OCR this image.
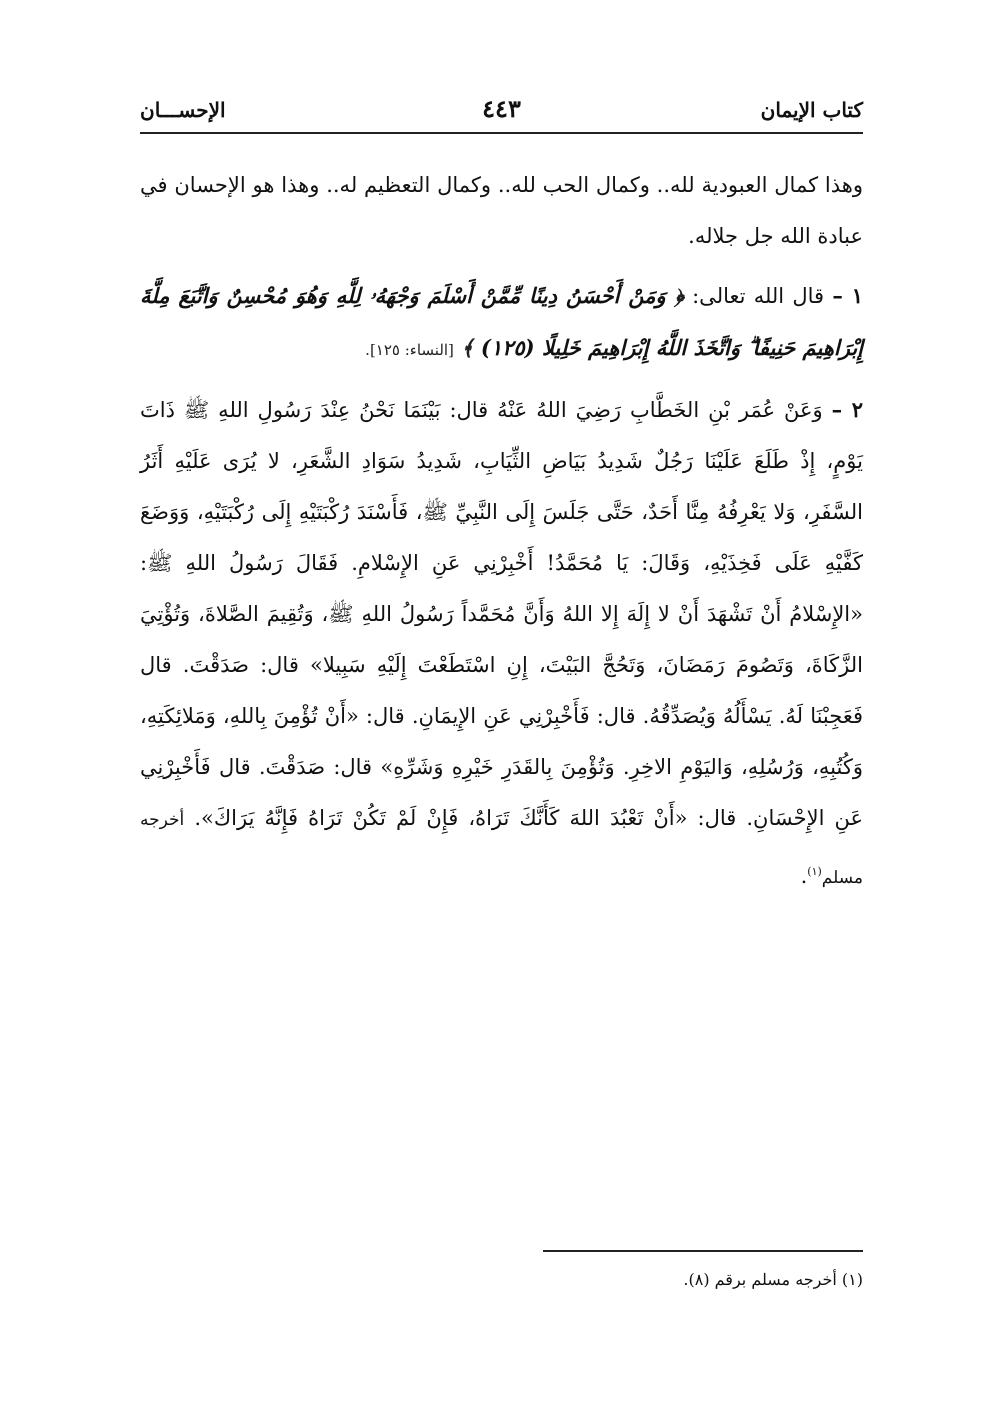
كتاب الإيمان
٤٤٣
الإحســـان

وهذا كمال العبودية لله.. وكمال الحب لله.. وكمال التعظيم له.. وهذا هو الإحسان في عبادة الله جل جلاله.

١ – قال الله تعالى: ﴿ وَمَنْ أَحْسَنُ دِينًا مِّمَّنْ أَسْلَمَ وَجْهَهُۥ لِلَّهِ وَهُوَ مُحْسِنٌ وَاتَّبَعَ مِلَّةَ إِبْرَاهِيمَ حَنِيفًا ۗ وَاتَّخَذَ اللَّهُ إِبْرَاهِيمَ خَلِيلًا (١٢٥) ﴾ [النساء: ١٢٥].

٢ – وَعَنْ عُمَر بْنِ الخَطَّابِ رَضِيَ اللهُ عَنْهُ قال: بَيْنَمَا نَحْنُ عِنْدَ رَسُولِ اللهِ ﷺ ذَاتَ يَوْمٍ، إِذْ طَلَعَ عَلَيْنَا رَجُلٌ شَدِيدُ بَيَاضِ الثِّيَابِ، شَدِيدُ سَوَادِ الشَّعَرِ، لا يُرَى عَلَيْهِ أَثَرُ السَّفَرِ، وَلا يَعْرِفُهُ مِنَّا أَحَدٌ، حَتَّى جَلَسَ إِلَى النَّبِيِّ ﷺ، فَأَسْنَدَ رُكْبَتَيْهِ إِلَى رُكْبَتَيْهِ، وَوَضَعَ كَفَّيْهِ عَلَى فَخِذَيْهِ، وَقَالَ: يَا مُحَمَّدُ! أَخْبِرْنِي عَنِ الإِسْلامِ. فَقَالَ رَسُولُ اللهِ ﷺ: «الإِسْلامُ أَنْ تَشْهَدَ أَنْ لا إِلَهَ إِلا اللهُ وَأَنَّ مُحَمَّداً رَسُولُ اللهِ ﷺ، وَتُقِيمَ الصَّلاةَ، وَتُؤْتِيَ الزَّكَاةَ، وَتَصُومَ رَمَضَانَ، وَتَحُجَّ البَيْتَ، إِنِ اسْتَطَعْتَ إِلَيْهِ سَبِيلا» قال: صَدَقْتَ. قال فَعَجِبْنَا لَهُ. يَسْأَلُهُ وَيُصَدِّقُهُ. قال: فَأَخْبِرْنِي عَنِ الإِيمَانِ. قال: «أَنْ تُؤْمِنَ بِاللهِ، وَمَلائِكَتِهِ، وَكُتُبِهِ، وَرُسُلِهِ، وَاليَوْمِ الاخِرِ. وَتُؤْمِنَ بِالقَدَرِ خَيْرِهِ وَشَرِّهِ» قال: صَدَقْتَ. قال فَأَخْبِرْنِي عَنِ الإِحْسَانِ. قال: «أَنْ تَعْبُدَ اللهَ كَأَنَّكَ تَرَاهُ، فَإِنْ لَمْ تَكُنْ تَرَاهُ فَإِنَّهُ يَرَاكَ». أخرجه مسلم$^{(١)}$.

(١) أخرجه مسلم برقم (٨).
